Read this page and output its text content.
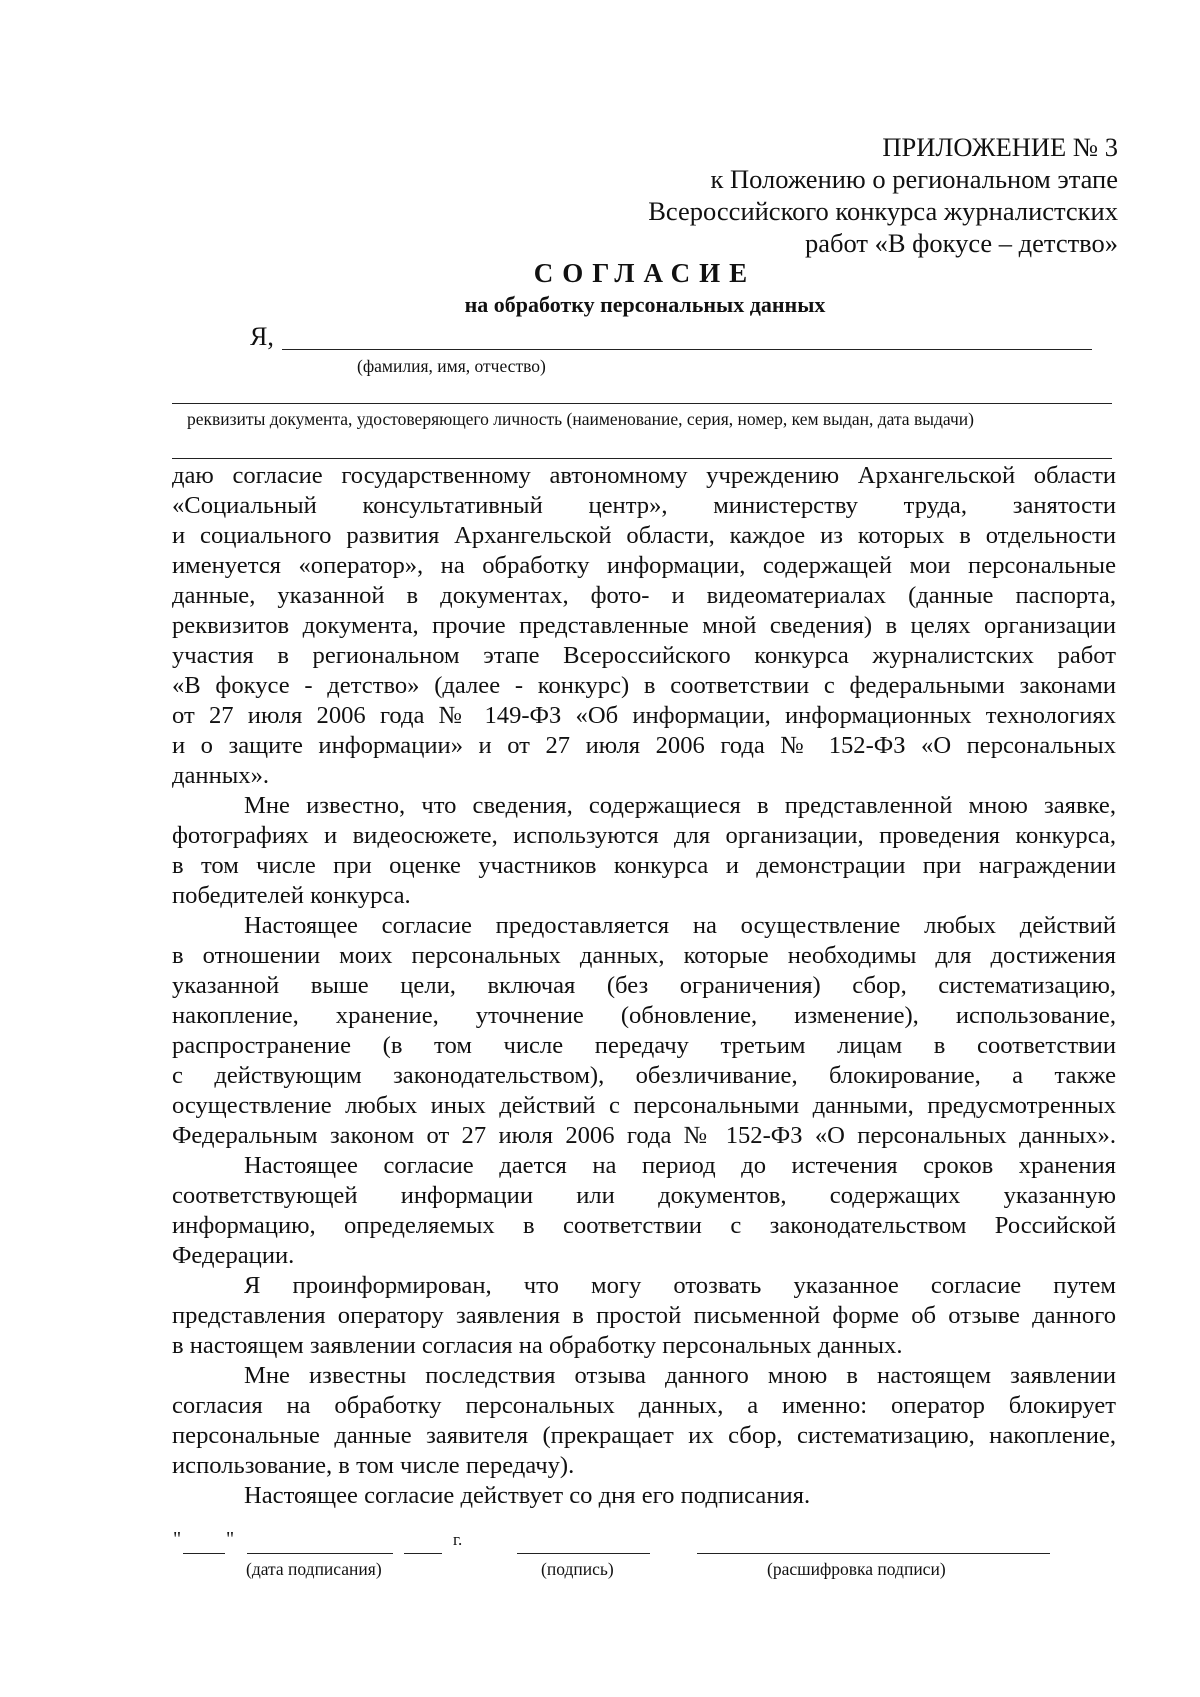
ПРИЛОЖЕНИЕ № 3
к Положению о региональном этапе
Всероссийского конкурса журналистских
работ «В фокусе – детство»
СОГЛАСИЕ
на обработку персональных данных
Я,
(фамилия, имя, отчество)
реквизиты документа, удостоверяющего личность (наименование, серия, номер, кем выдан, дата выдачи)

даю согласие государственному автономному учреждению Архангельской области
«Социальный консультативный центр», министерству труда, занятости
и социального развития Архангельской области, каждое из которых в отдельности
именуется «оператор», на обработку информации, содержащей мои персональные
данные, указанной в документах, фото- и видеоматериалах (данные паспорта,
реквизитов документа, прочие представленные мной сведения) в целях организации
участия в региональном этапе Всероссийского конкурса журналистских работ
«В фокусе - детство» (далее - конкурс) в соответствии с федеральными законами
от 27 июля 2006 года № 149-ФЗ «Об информации, информационных технологиях
и о защите информации» и от 27 июля 2006 года № 152-ФЗ «О персональных

данных».

Мне известно, что сведения, содержащиеся в представленной мною заявке,
фотографиях и видеосюжете, используются для организации, проведения конкурса,
в том числе при оценке участников конкурса и демонстрации при награждении

победителей конкурса.

Настоящее согласие предоставляется на осуществление любых действий
в отношении моих персональных данных, которые необходимы для достижения
указанной выше цели, включая (без ограничения) сбор, систематизацию,
накопление, хранение, уточнение (обновление, изменение), использование,
распространение (в том числе передачу третьим лицам в соответствии
с действующим законодательством), обезличивание, блокирование, а также
осуществление любых иных действий с персональными данными, предусмотренных
Федеральным законом от 27 июля 2006 года № 152-ФЗ «О персональных данных».

Настоящее согласие дается на период до истечения сроков хранения
соответствующей информации или документов, содержащих указанную
информацию, определяемых в соответствии с законодательством Российской

Федерации.

Я проинформирован, что могу отозвать указанное согласие путем
представления оператору заявления в простой письменной форме об отзыве данного

в настоящем заявлении согласия на обработку персональных данных.

Мне известны последствия отзыва данного мною в настоящем заявлении
согласия на обработку персональных данных, а именно: оператор блокирует
персональные данные заявителя (прекращает их сбор, систематизацию, накопление,

использование, в том числе передачу).

Настоящее согласие действует со дня его подписания.

" "	г.
(дата подписания)	(подпись)	(расшифровка подписи)
